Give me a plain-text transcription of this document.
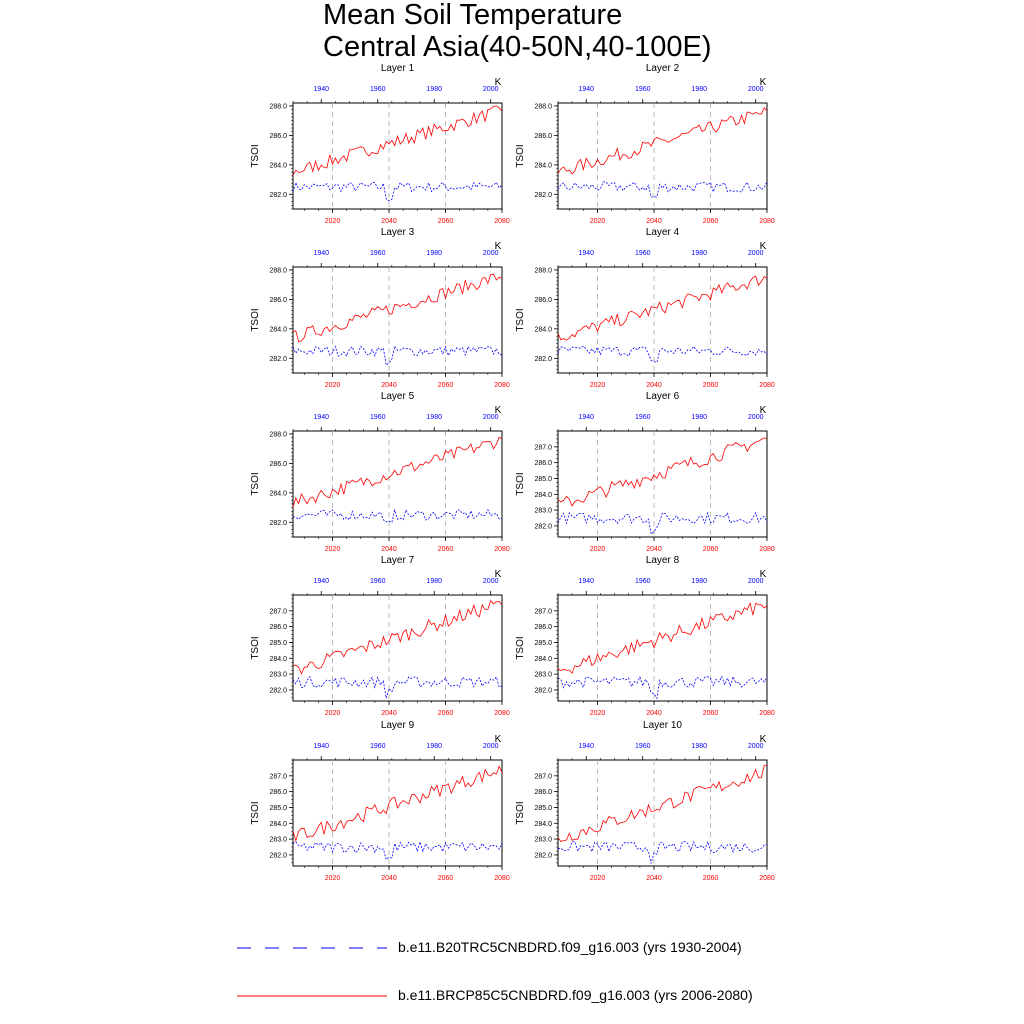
Mean Soil Temperature
Central Asia(40-50N,40-100E)
Layer 1
K
1940	1960	1980	2000
2020	2040	2060	2080
282.0
284.0
286.0
288.0
TSOI
Layer 2
K
1940	1960	1980	2000
2020	2040	2060	2080
282.0
284.0
286.0
288.0
TSOI
Layer 3
K
1940	1960	1980	2000
2020	2040	2060	2080
282.0
284.0
286.0
288.0
TSOI
Layer 4
K
1940	1960	1980	2000
2020	2040	2060	2080
282.0
284.0
286.0
288.0
TSOI
Layer 5
K
1940	1960	1980	2000
2020	2040	2060	2080
282.0
284.0
286.0
288.0
TSOI
Layer 6
K
1940	1960	1980	2000
2020	2040	2060	2080
282.0
283.0
284.0
285.0
286.0
287.0
TSOI
Layer 7
K
1940	1960	1980	2000
2020	2040	2060	2080
282.0
283.0
284.0
285.0
286.0
287.0
TSOI
Layer 8
K
1940	1960	1980	2000
2020	2040	2060	2080
282.0
283.0
284.0
285.0
286.0
287.0
TSOI
Layer 9
K
1940	1960	1980	2000
2020	2040	2060	2080
282.0
283.0
284.0
285.0
286.0
287.0
TSOI
Layer 10
K
1940	1960	1980	2000
2020	2040	2060	2080
282.0
283.0
284.0
285.0
286.0
287.0
TSOI
b.e11.B20TRC5CNBDRD.f09_g16.003 (yrs 1930-2004)
b.e11.BRCP85C5CNBDRD.f09_g16.003 (yrs 2006-2080)
